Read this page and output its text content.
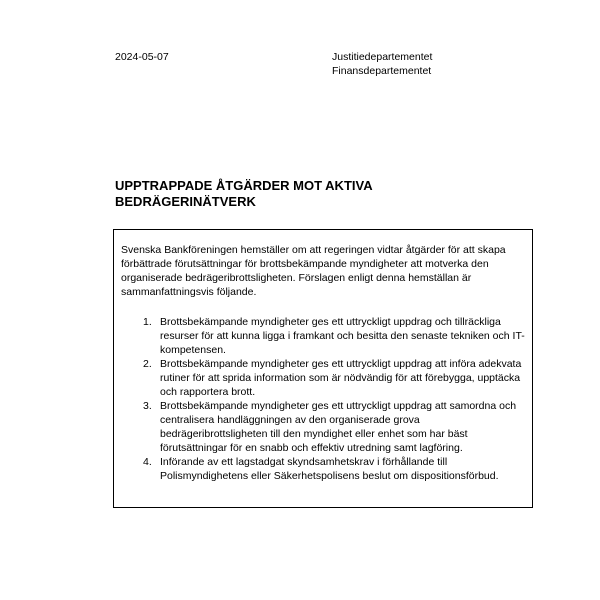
2024-05-07	Justitiedepartementet
Finansdepartementet
UPPTRAPPADE ÅTGÄRDER MOT AKTIVA
BEDRÄGERINÄTVERK

Svenska Bankföreningen hemställer om att regeringen vidtar åtgärder för att skapa förbättrade förutsättningar för brottsbekämpande myndigheter att motverka den organiserade bedrägeribrottsligheten. Förslagen enligt denna hemställan är sammanfattningsvis följande.

1. Brottsbekämpande myndigheter ges ett uttryckligt uppdrag och tillräckliga resurser för att kunna ligga i framkant och besitta den senaste tekniken och IT-kompetensen.
2. Brottsbekämpande myndigheter ges ett uttryckligt uppdrag att införa adekvata rutiner för att sprida information som är nödvändig för att förebygga, upptäcka och rapportera brott.
3. Brottsbekämpande myndigheter ges ett uttryckligt uppdrag att samordna och centralisera handläggningen av den organiserade grova bedrägeribrottsligheten till den myndighet eller enhet som har bäst förutsättningar för en snabb och effektiv utredning samt lagföring.
4. Införande av ett lagstadgat skyndsamhetskrav i förhållande till Polismyndighetens eller Säkerhetspolisens beslut om dispositionsförbud.
